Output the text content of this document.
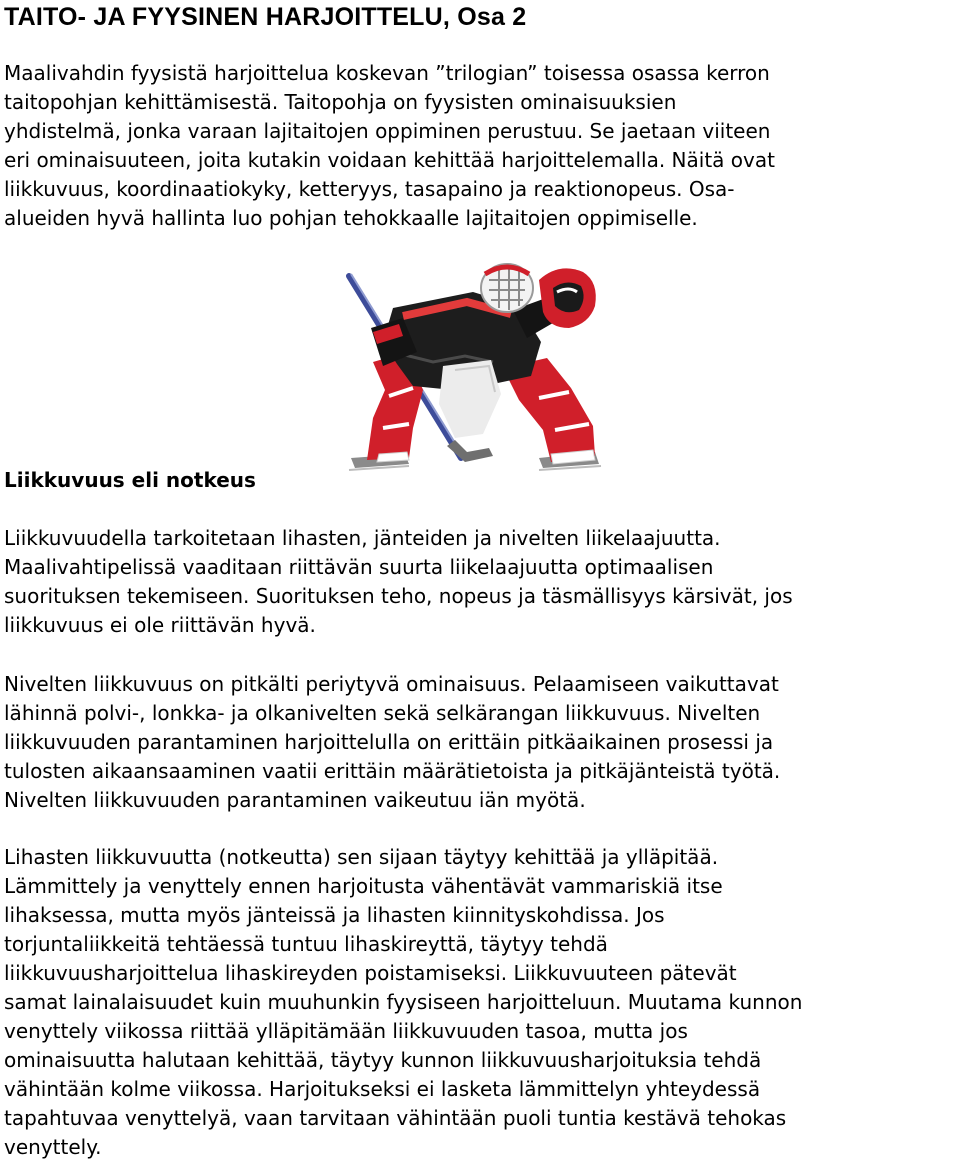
TAITO- JA FYYSINEN HARJOITTELU, Osa 2

Maalivahdin fyysistä harjoittelua koskevan ”trilogian” toisessa osassa kerron
taitopohjan kehittämisestä. Taitopohja on fyysisten ominaisuuksien
yhdistelmä, jonka varaan lajitaitojen oppiminen perustuu. Se jaetaan viiteen
eri ominaisuuteen, joita kutakin voidaan kehittää harjoittelemalla. Näitä ovat
liikkuvuus, koordinaatiokyky, ketteryys, tasapaino ja reaktionopeus. Osa-
alueiden hyvä hallinta luo pohjan tehokkaalle lajitaitojen oppimiselle.

Liikkuvuus eli notkeus

Liikkuvuudella tarkoitetaan lihasten, jänteiden ja nivelten liikelaajuutta.
Maalivahtipelissä vaaditaan riittävän suurta liikelaajuutta optimaalisen
suorituksen tekemiseen. Suorituksen teho, nopeus ja täsmällisyys kärsivät, jos
liikkuvuus ei ole riittävän hyvä.

Nivelten liikkuvuus on pitkälti periytyvä ominaisuus. Pelaamiseen vaikuttavat
lähinnä polvi-, lonkka- ja olkanivelten sekä selkärangan liikkuvuus. Nivelten
liikkuvuuden parantaminen harjoittelulla on erittäin pitkäaikainen prosessi ja
tulosten aikaansaaminen vaatii erittäin määrätietoista ja pitkäjänteistä työtä.
Nivelten liikkuvuuden parantaminen vaikeutuu iän myötä.

Lihasten liikkuvuutta (notkeutta) sen sijaan täytyy kehittää ja ylläpitää.
Lämmittely ja venyttely ennen harjoitusta vähentävät vammariskiä itse
lihaksessa, mutta myös jänteissä ja lihasten kiinnityskohdissa. Jos
torjuntaliikkeitä tehtäessä tuntuu lihaskireyttä, täytyy tehdä
liikkuvuusharjoittelua lihaskireyden poistamiseksi. Liikkuvuuteen pätevät
samat lainalaisuudet kuin muuhunkin fyysiseen harjoitteluun. Muutama kunnon
venyttely viikossa riittää ylläpitämään liikkuvuuden tasoa, mutta jos
ominaisuutta halutaan kehittää, täytyy kunnon liikkuvuusharjoituksia tehdä
vähintään kolme viikossa. Harjoitukseksi ei lasketa lämmittelyn yhteydessä
tapahtuvaa venyttelyä, vaan tarvitaan vähintään puoli tuntia kestävä tehokas
venyttely.
